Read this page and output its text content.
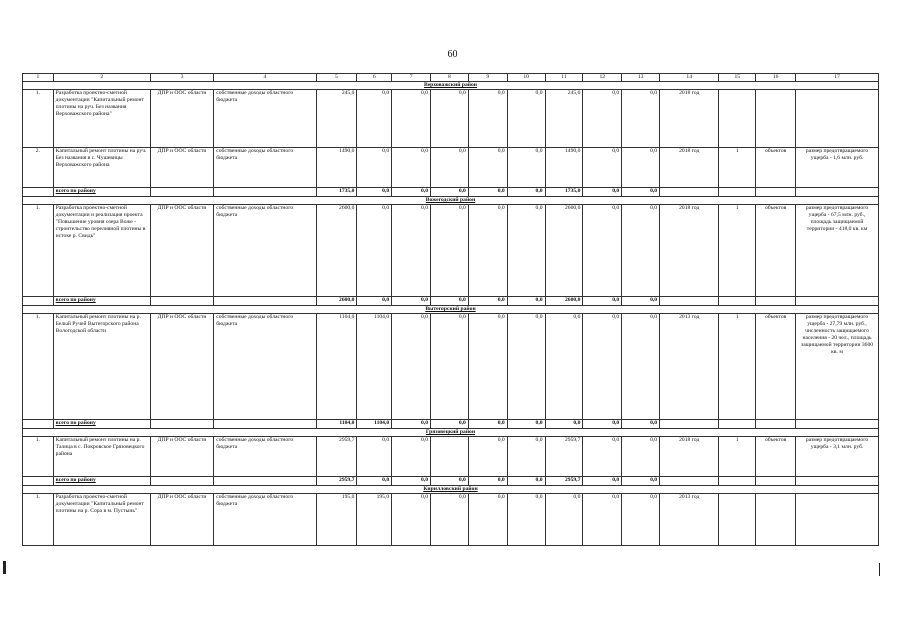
60
1	2	3	4	5	6	7	8	9	10	11	12	13	14	15	16	17
Верховажский район																
1.	Разработка проектно-сметной документации "Капитальный ремонт плотины на руч. Без названия Верховажского района"	ДПР и ООС области	собственные доходы областного бюджета	245,0	0,0	0,0	0,0	0,0	0,0	245,0	0,0	0,0	2018 год			
2.	Капитальный ремонт плотины на руч. Без названия в с. Чушевицы Верховажского района	ДПР и ООС области	собственные доходы областного бюджета	1490,0	0,0	0,0	0,0	0,0	0,0	1490,0	0,0	0,0	2018 год	1	объектов	размер предотвращаемого ущерба - 1,6 млн. руб.
	всего по району			1735,0	0,0	0,0	0,0	0,0	0,0	1735,0	0,0	0,0				
Вожегодский район																
1.	Разработка проектно-сметной документации и реализация проекта "Повышение уровня озера Воже - строительство переливной плотины в истоке р. Свидь"	ДПР и ООС области	собственные доходы областного бюджета	2600,0	0,0	0,0	0,0	0,0	0,0	2600,0	0,0	0,0	2018 год	1	объектов	размер предотвращаемого ущерба - 67,5 млн. руб., площадь защищаемой территории - 418,0 кв. км
	всего по району			2600,0	0,0	0,0	0,0	0,0	0,0	2600,0	0,0	0,0				
Вытегорский район																
1.	Капитальный ремонт плотины на р. Белый Ручей Вытегорского района Вологодской области	ДПР и ООС области	собственные доходы областного бюджета	1104,0	1104,0	0,0	0,0	0,0	0,0	0,0	0,0	0,0	2013 год	1	объектов	размер предотвращаемого ущерба - 27,79 млн. руб., численность защищаемого населения - 20 чел., площадь защищаемой территории 3600 кв. м
	всего по району			1104,0	1104,0	0,0	0,0	0,0	0,0	0,0	0,0	0,0				
Грязовецкий район																
1.	Капитальный ремонт плотины на р. Талица в с. Покровское Грязовецкого района	ДПР и ООС области	собственные доходы областного бюджета	2959,7	0,0	0,0		0,0	0,0	2959,7	0,0	0,0	2018 год	1	объектов	размер предотвращаемого ущерба - 3,1 млн. руб.
	всего по району			2959,7	0,0	0,0	0,0	0,0	0,0	2959,7	0,0	0,0				
Кирилловский район																
1.	Разработка проектно-сметной документации "Капитальный ремонт плотины на р. Сора в м. Пустынь"	ДПР и ООС области	собственные доходы областного бюджета	195,0	195,0	0,0	0,0	0,0	0,0	0,0	0,0	0,0	2013 год			
